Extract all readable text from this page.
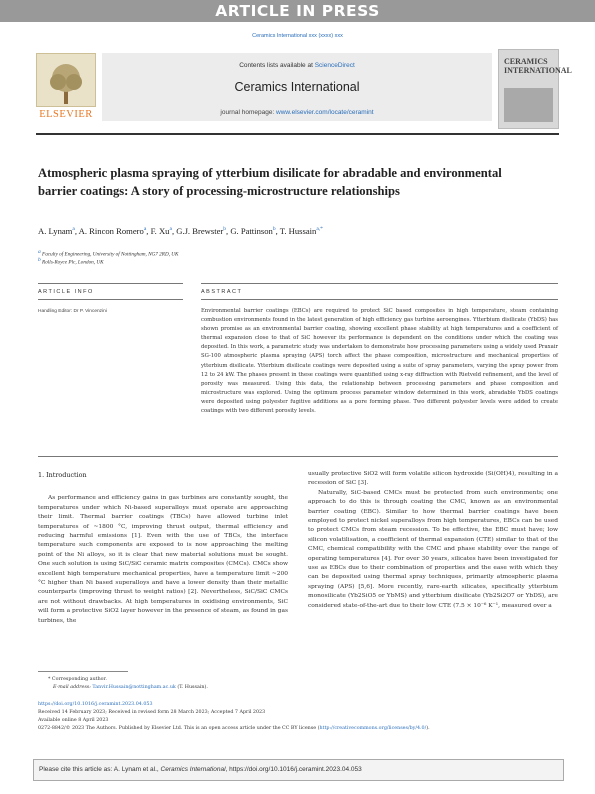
ARTICLE IN PRESS
Ceramics International xxx (xxxx) xxx
ELSEVIER
Contents lists available at ScienceDirect
Ceramics International
journal homepage: www.elsevier.com/locate/ceramint
CERAMICS INTERNATIONAL
Atmospheric plasma spraying of ytterbium disilicate for abradable and environmental barrier coatings: A story of processing-microstructure relationships
A. Lynam$^a$, A. Rincon Romero$^a$, F. Xu$^a$, G.J. Brewster$^b$, G. Pattinson$^b$, T. Hussain$^{a,*}$
$^a$ Faculty of Engineering, University of Nottingham, NG7 2RD, UK
$^b$ Rolls-Royce Plc, London, UK
ARTICLE INFO	ABSTRACT
Handling Editor: Dr P. Vincenzini	Environmental barrier coatings (EBCs) are required to protect SiC based composites in high temperature, steam containing combustion environments found in the latest generation of high efficiency gas turbine aeroengines. Ytterbium disilicate (YbDS) has shown promise as an environmental barrier coating, showing excellent phase stability at high temperatures and a coefficient of thermal expansion close to that of SiC however its performance is dependent on the conditions under which the coating was deposited. In this work, a parametric study was undertaken to demonstrate how processing parameters using a widely used Praxair SG-100 atmospheric plasma spraying (APS) torch affect the phase composition, microstructure and mechanical properties of ytterbium disilicate. Ytterbium disilicate coatings were deposited using a suite of spray parameters, varying the spray power from 12 to 24 kW. The phases present in these coatings were quantified using x-ray diffraction with Rietveld refinement, and the level of porosity was measured. Using this data, the relationship between processing parameters and phase composition and microstructure was explored. Using the optimum process parameter window determined in this work, abradable YbDS coatings were deposited using polyester fugitive additions as a pore forming phase. Two different polyester levels were added to create coatings with two different porosity levels.
1. Introduction

As performance and efficiency gains in gas turbines are constantly sought, the temperatures under which Ni-based superalloys must operate are approaching their limit. Thermal barrier coatings (TBCs) have allowed turbine inlet temperatures of ~1800 °C, improving thrust output, thermal efficiency and reducing harmful emissions [1]. Even with the use of TBCs, the interface temperature such components are exposed to is now approaching the melting point of the Ni alloys, so it is clear that new material solutions must be sought. One such solution is using SiC/SiC ceramic matrix composites (CMCs). CMCs show excellent high temperature mechanical properties, have a temperature limit ~200 °C higher than Ni based superalloys and have a lower density than their metallic counterparts (improving thrust to weight ratios) [2]. Nevertheless, SiC/SiC CMCs are not without drawbacks. At high temperatures in oxidising environments, SiC will form a protective SiO2 layer however in the presence of steam, as found in gas turbines, the

usually protective SiO2 will form volatile silicon hydroxide (Si(OH)4), resulting in a recession of SiC [3].

Naturally, SiC-based CMCs must be protected from such environments; one approach to do this is through coating the CMC, known as an environmental barrier coating (EBC). Similar to how thermal barrier coatings have been employed to protect nickel superalloys from high temperatures, EBCs can be used to protect CMCs from steam recession. To be effective, the EBC must have; low silicon volatilisation, a coefficient of thermal expansion (CTE) similar to that of the CMC, chemical compatibility with the CMC and phase stability over the range of operating temperatures [4]. For over 30 years, silicates have been investigated for use as EBCs due to their combination of properties and the ease with which they can be deposited using thermal spray techniques, primarily atmospheric plasma spraying (APS) [5,6]. More recently, rare-earth silicates, specifically ytterbium monosilicate (Yb2SiO5 or YbMS) and ytterbium disilicate (Yb2Si2O7 or YbDS), are considered state-of-the-art due to their low CTE (7.5 × 10⁻⁶ K⁻¹, measured over a

* Corresponding author.
E-mail address: Tanvir.Hussain@nottingham.ac.uk (T. Hussain).
https://doi.org/10.1016/j.ceramint.2023.04.053
Received 14 February 2023; Received in revised form 28 March 2023; Accepted 7 April 2023
Available online 8 April 2023
0272-8842/© 2023 The Authors. Published by Elsevier Ltd. This is an open access article under the CC BY license (http://creativecommons.org/licenses/by/4.0/).
Please cite this article as: A. Lynam et al., Ceramics International, https://doi.org/10.1016/j.ceramint.2023.04.053
